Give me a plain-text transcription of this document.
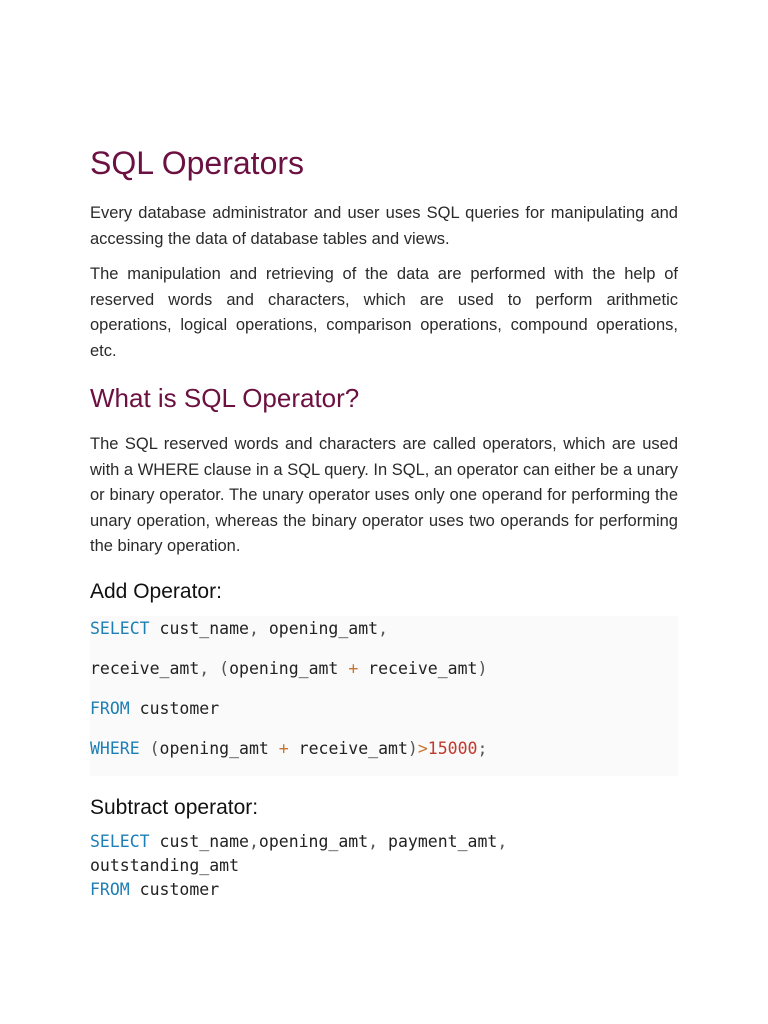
SQL Operators

Every database administrator and user uses SQL queries for manipulating and accessing the data of database tables and views.

The manipulation and retrieving of the data are performed with the help of reserved words and characters, which are used to perform arithmetic operations, logical operations, comparison operations, compound operations, etc.

What is SQL Operator?

The SQL reserved words and characters are called operators, which are used with a WHERE clause in a SQL query. In SQL, an operator can either be a unary or binary operator. The unary operator uses only one operand for performing the unary operation, whereas the binary operator uses two operands for performing the binary operation.

Add Operator:
SELECT cust_name, opening_amt,
receive_amt, (opening_amt + receive_amt)
FROM customer
WHERE (opening_amt + receive_amt)>15000;
Subtract operator:
SELECT cust_name,opening_amt, payment_amt,
outstanding_amt
FROM customer
